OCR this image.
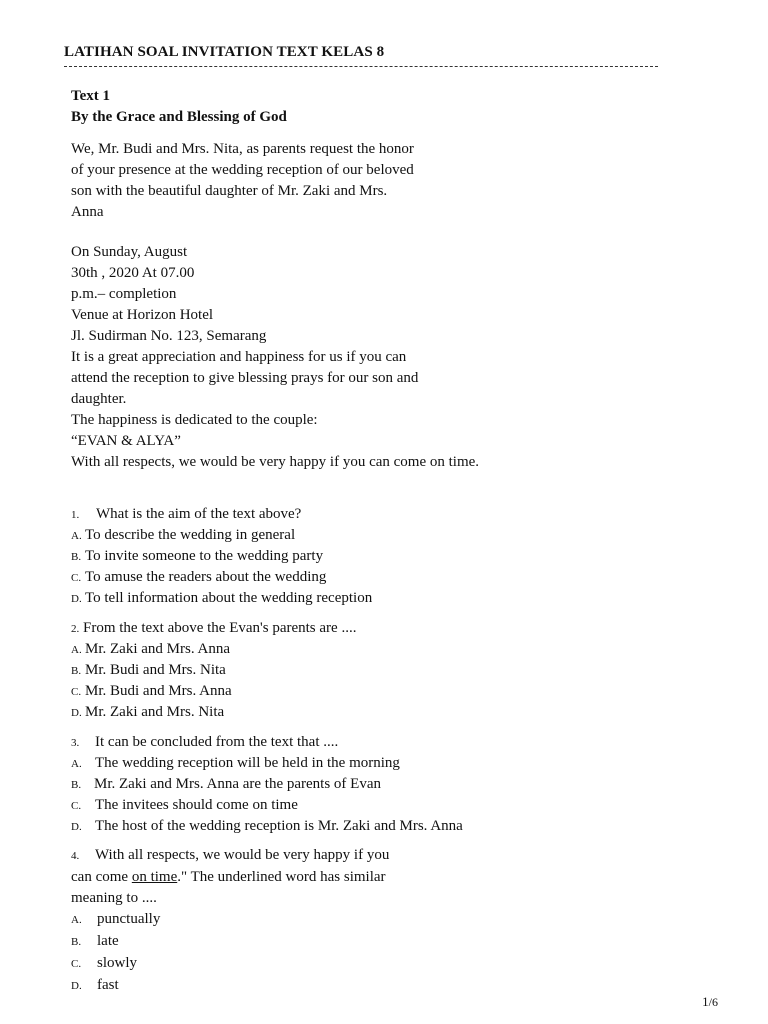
LATIHAN SOAL INVITATION TEXT KELAS 8
Text 1
By the Grace and Blessing of God
We, Mr. Budi and Mrs. Nita, as parents request the honor
of your presence at the wedding reception of our beloved
son with the beautiful daughter of Mr. Zaki and Mrs.
Anna
On Sunday, August
30th , 2020 At 07.00
p.m.– completion
Venue at Horizon Hotel
Jl. Sudirman No. 123, Semarang
It is a great appreciation and happiness for us if you can
attend the reception to give blessing prays for our son and
daughter.
The happiness is dedicated to the couple:
“EVAN & ALYA”
With all respects, we would be very happy if you can come on time.
1. What is the aim of the text above?
A. To describe the wedding in general
B. To invite someone to the wedding party
C. To amuse the readers about the wedding
D. To tell information about the wedding reception
2. From the text above the Evan's parents are ....
A. Mr. Zaki and Mrs. Anna
B. Mr. Budi and Mrs. Nita
C. Mr. Budi and Mrs. Anna
D. Mr. Zaki and Mrs. Nita
3. It can be concluded from the text that ....
A. The wedding reception will be held in the morning
B. Mr. Zaki and Mrs. Anna are the parents of Evan
C. The invitees should come on time
D. The host of the wedding reception is Mr. Zaki and Mrs. Anna
4. With all respects, we would be very happy if you
can come on time." The underlined word has similar
meaning to ....
A. punctually
B. late
C. slowly
D. fast
1/6
